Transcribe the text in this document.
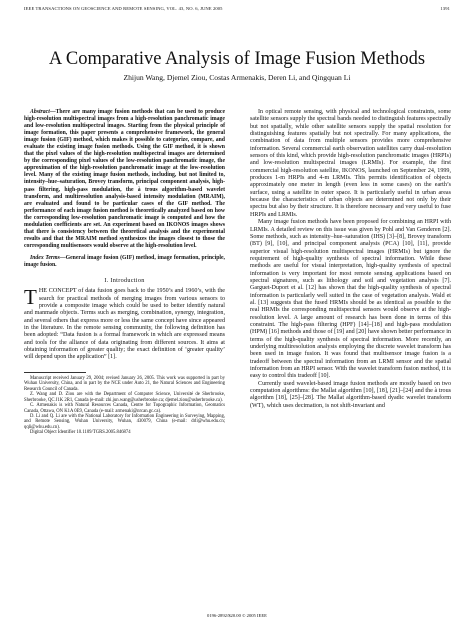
IEEE TRANSACTIONS ON GEOSCIENCE AND REMOTE SENSING, VOL. 43, NO. 6, JUNE 2005	1391
A Comparative Analysis of Image Fusion Methods
Zhijun Wang, Djemel Ziou, Costas Armenakis, Deren Li, and Qingquan Li

Abstract—There are many image fusion methods that can be used to produce high-resolution multispectral images from a high-resolution panchromatic image and low-resolution multispectral images. Starting from the physical principle of image formation, this paper presents a comprehensive framework, the general image fusion (GIF) method, which makes it possible to categorize, compare, and evaluate the existing image fusion methods. Using the GIF method, it is shown that the pixel values of the high-resolution multispectral images are determined by the corresponding pixel values of the low-resolution panchromatic image, the approximation of the high-resolution panchromatic image at the low-resolution level. Many of the existing image fusion methods, including, but not limited to, intensity–hue–saturation, Brovey transform, principal component analysis, high-pass filtering, high-pass modulation, the à trous algorithm-based wavelet transform, and multiresolution analysis-based intensity modulation (MRAIM), are evaluated and found to be particular cases of the GIF method. The performance of each image fusion method is theoretically analyzed based on how the corresponding low-resolution panchromatic image is computed and how the modulation coefficients are set. An experiment based on IKONOS images shows that there is consistency between the theoretical analysis and the experimental results and that the MRAIM method synthesizes the images closest to those the corresponding multisensors would observe at the high-resolution level.

Index Terms—General image fusion (GIF) method, image formation, principle, image fusion.

I. Introduction

THE CONCEPT of data fusion goes back to the 1950’s and 1960’s, with the search for practical methods of merging images from various sensors to provide a composite image which could be used to better identify natural and manmade objects. Terms such as merging, combination, synergy, integration, and several others that express more or less the same concept have since appeared in the literature. In the remote sensing community, the following definition has been adopted: “Data fusion is a formal framework in which are expressed means and tools for the alliance of data originating from different sources. It aims at obtaining information of greater quality; the exact definition of ‘greater quality’ will depend upon the application” [1].

Manuscript received January 29, 2004; revised January 26, 2005. This work was supported in part by Wuhan University, China, and in part by the NCE under Auto 21, the Natural Sciences and Engineering Research Council of Canada.

Z. Wang and D. Ziou are with the Department of Computer Science, Université de Sherbrooke, Sherbrooke, QC J1K 2R1, Canada (e-mail: zhi.jun.wang@usherbrooke.ca; djemel.ziou@usherbrooke.ca).

C. Armenakis is with Natural Resources Canada, Centre for Topographic Information, Geomatics Canada, Ottawa, ON K1A 0E9, Canada (e-mail: armenaki@nrcan.gc.ca).

D. Li and Q. Li are with the National Laboratory for Information Engineering in Surveying, Mapping, and Remote Sensing, Wuhan University, Wuhan, 430079, China (e-mail: drli@whu.edu.cn; qqli@whu.edu.cn).

Digital Object Identifier 10.1109/TGRS.2005.846874

In optical remote sensing, with physical and technological constraints, some satellite sensors supply the spectral bands needed to distinguish features spectrally but not spatially, while other satellite sensors supply the spatial resolution for distinguishing features spatially but not spectrally. For many applications, the combination of data from multiple sensors provides more comprehensive information. Several commercial earth observation satellites carry dual-resolution sensors of this kind, which provide high-resolution panchromatic images (HRPIs) and low-resolution multispectral images (LRMIs). For example, the first commercial high-resolution satellite, IKONOS, launched on September 24, 1999, produces 1-m HRPIs and 4-m LRMIs. This permits identification of objects approximately one meter in length (even less in some cases) on the earth’s surface, using a satellite in outer space. It is particularly useful in urban areas because the characteristics of urban objects are determined not only by their spectra but also by their structure. It is therefore necessary and very useful to fuse HRPIs and LRMIs.

Many image fusion methods have been proposed for combining an HRPI with LRMIs. A detailed review on this issue was given by Pohl and Van Genderen [2]. Some methods, such as intensity–hue–saturation (IHS) [3]–[8], Brovey transform (BT) [9], [10], and principal component analysis (PCA) [10], [11], provide superior visual high-resolution multispectral images (HRMIs) but ignore the requirement of high-quality synthesis of spectral information. While these methods are useful for visual interpretation, high-quality synthesis of spectral information is very important for most remote sensing applications based on spectral signatures, such as lithology and soil and vegetation analysis [7]. Garguet-Duport et al. [12] has shown that the high-quality synthesis of spectral information is particularly well suited in the case of vegetation analysis. Wald et al. [13] suggests that the fused HRMIs should be as identical as possible to the real HRMIs the corresponding multispectral sensors would observe at the high-resolution level. A large amount of research has been done in terms of this constraint. The high-pass filtering (HPF) [14]–[18] and high-pass modulation (HPM) [16] methods and those of [19] and [20] have shown better performance in terms of the high-quality synthesis of spectral information. More recently, an underlying multiresolution analysis employing the discrete wavelet transform has been used in image fusion. It was found that multisensor image fusion is a tradeoff between the spectral information from an LRMI sensor and the spatial information from an HRPI sensor. With the wavelet transform fusion method, it is easy to control this tradeoff [10].

Currently used wavelet-based image fusion methods are mostly based on two computation algorithms: the Mallat algorithm [10], [18], [21]–[24] and the à trous algorithm [18], [25]–[28]. The Mallat algorithm-based dyadic wavelet transform (WT), which uses decimation, is not shift-invariant and

0196-2892/$20.00 © 2005 IEEE
